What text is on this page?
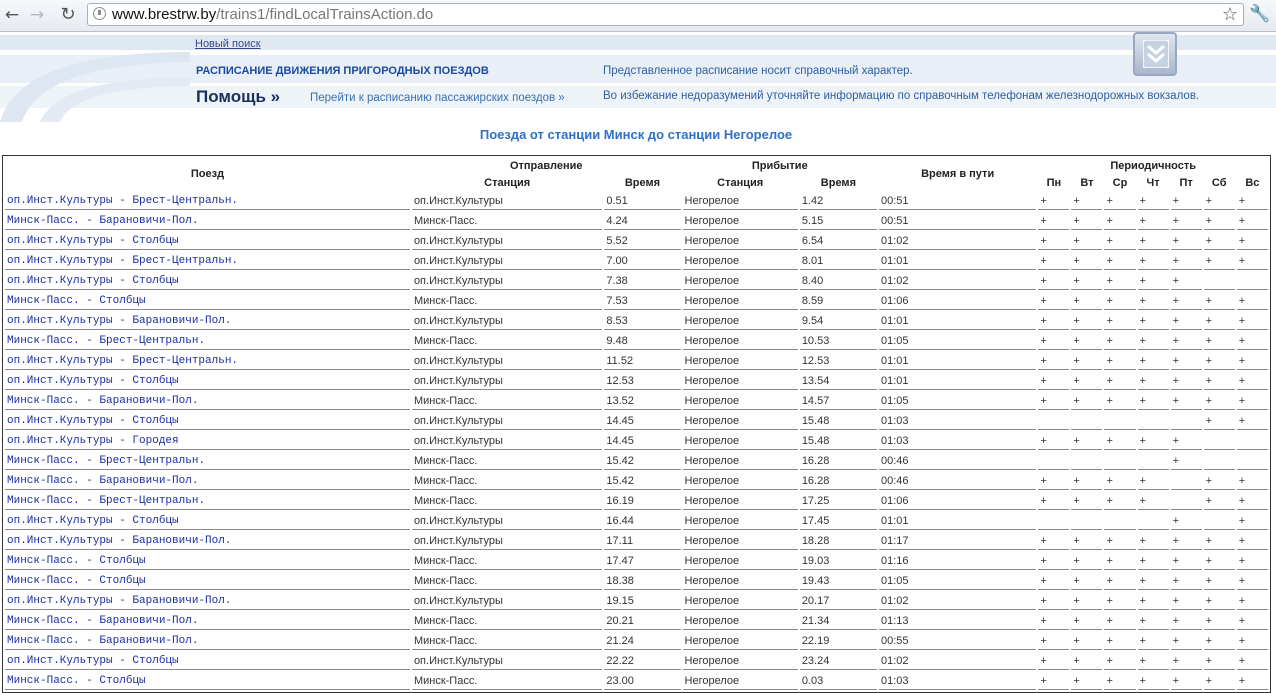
← → ↻ www.brestrw.by/trains1/findLocalTrainsAction.do	☆ 🔧
Новый поиск
РАСПИСАНИЕ ДВИЖЕНИЯ ПРИГОРОДНЫХ ПОЕЗДОВ
Помощь »	Перейти к расписанию пассажирских поездов »
Представленное расписание носит справочный характер.
Во избежание недоразумений уточняйте информацию по справочным телефонам железнодорожных вокзалов.
Поезда от станции Минск до станции Негорелое
Поезд	Отправление		Прибытие		Время в пути	Периодичность						
	Станция	Время	Станция	Время		Пн	Вт	Ср	Чт	Пт	Сб	Вс
оп.Инст.Культуры - Брест-Центральн.	оп.Инст.Культуры	0.51	Негорелое	1.42	00:51	+	+	+	+	+	+	+
Минск-Пасс. - Барановичи-Пол.	Минск-Пасс.	4.24	Негорелое	5.15	00:51	+	+	+	+	+	+	+
оп.Инст.Культуры - Столбцы	оп.Инст.Культуры	5.52	Негорелое	6.54	01:02	+	+	+	+	+	+	+
оп.Инст.Культуры - Брест-Центральн.	оп.Инст.Культуры	7.00	Негорелое	8.01	01:01	+	+	+	+	+	+	+
оп.Инст.Культуры - Столбцы	оп.Инст.Культуры	7.38	Негорелое	8.40	01:02	+	+	+	+	+		
Минск-Пасс. - Столбцы	Минск-Пасс.	7.53	Негорелое	8.59	01:06	+	+	+	+	+	+	+
оп.Инст.Культуры - Барановичи-Пол.	оп.Инст.Культуры	8.53	Негорелое	9.54	01:01	+	+	+	+	+	+	+
Минск-Пасс. - Брест-Центральн.	Минск-Пасс.	9.48	Негорелое	10.53	01:05	+	+	+	+	+	+	+
оп.Инст.Культуры - Брест-Центральн.	оп.Инст.Культуры	11.52	Негорелое	12.53	01:01	+	+	+	+	+	+	+
оп.Инст.Культуры - Столбцы	оп.Инст.Культуры	12.53	Негорелое	13.54	01:01	+	+	+	+	+	+	+
Минск-Пасс. - Барановичи-Пол.	Минск-Пасс.	13.52	Негорелое	14.57	01:05	+	+	+	+	+	+	+
оп.Инст.Культуры - Столбцы	оп.Инст.Культуры	14.45	Негорелое	15.48	01:03						+	+
оп.Инст.Культуры - Городея	оп.Инст.Культуры	14.45	Негорелое	15.48	01:03	+	+	+	+	+		
Минск-Пасс. - Брест-Центральн.	Минск-Пасс.	15.42	Негорелое	16.28	00:46					+		
Минск-Пасс. - Барановичи-Пол.	Минск-Пасс.	15.42	Негорелое	16.28	00:46	+	+	+	+		+	+
Минск-Пасс. - Брест-Центральн.	Минск-Пасс.	16.19	Негорелое	17.25	01:06	+	+	+	+		+	+
оп.Инст.Культуры - Столбцы	оп.Инст.Культуры	16.44	Негорелое	17.45	01:01					+		+
оп.Инст.Культуры - Барановичи-Пол.	оп.Инст.Культуры	17.11	Негорелое	18.28	01:17	+	+	+	+	+	+	+
Минск-Пасс. - Столбцы	Минск-Пасс.	17.47	Негорелое	19.03	01:16	+	+	+	+	+	+	+
Минск-Пасс. - Столбцы	Минск-Пасс.	18.38	Негорелое	19.43	01:05	+	+	+	+	+	+	+
оп.Инст.Культуры - Барановичи-Пол.	оп.Инст.Культуры	19.15	Негорелое	20.17	01:02	+	+	+	+	+	+	+
Минск-Пасс. - Барановичи-Пол.	Минск-Пасс.	20.21	Негорелое	21.34	01:13	+	+	+	+	+	+	+
Минск-Пасс. - Барановичи-Пол.	Минск-Пасс.	21.24	Негорелое	22.19	00:55	+	+	+	+	+	+	+
оп.Инст.Культуры - Столбцы	оп.Инст.Культуры	22.22	Негорелое	23.24	01:02	+	+	+	+	+	+	+
Минск-Пасс. - Столбцы	Минск-Пасс.	23.00	Негорелое	0.03	01:03	+	+	+	+	+	+	+
